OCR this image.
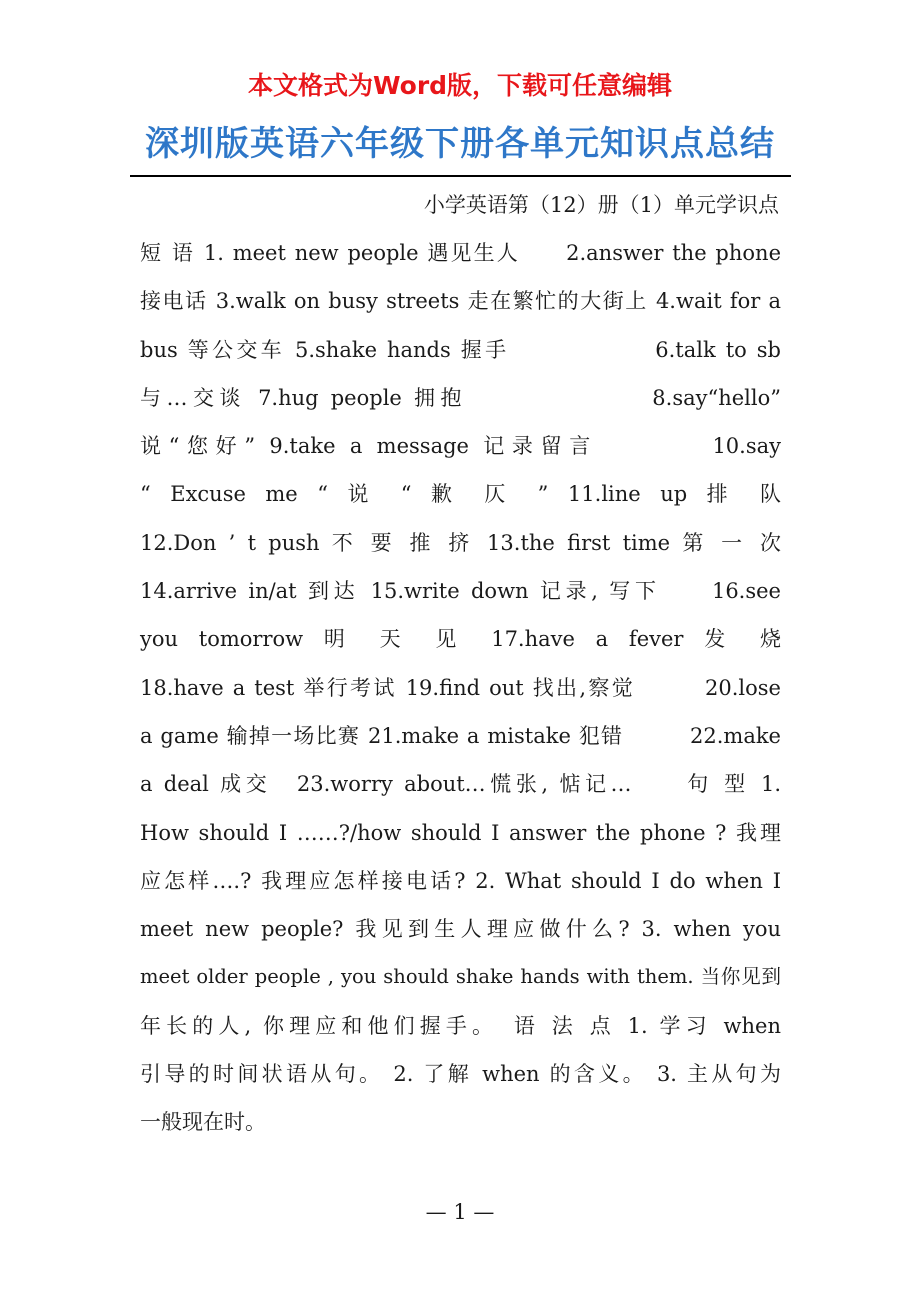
本文格式为Word版，下载可任意编辑
深圳版英语六年级下册各单元知识点总结
小学英语第（12）册（1）单元学识点
短 语 1. meet new people 遇见生人　　2.answer the phone
接电话 3.walk on busy streets 走在繁忙的大街上 4.wait for a
bus 等公交车 5.shake hands 握手　　　　　　6.talk to sb
与…交谈 7.hug people 拥抱　　　　　　　8.say“hello”
说“您好” 9.take a message 记录留言　　　　10.say
“ Excuse me “ 说 “ 歉 仄 ” 11.line up 排 队
12.Don ’ t push 不 要 推 挤 13.the first time 第 一 次
14.arrive in/at 到达 15.write down 记录, 写下　　16.see
you tomorrow 明 天 见 17.have a fever 发 烧
18.have a test 举行考试 19.find out 找出,察觉　　　20.lose
a game 输掉一场比赛 21.make a mistake 犯错　　　22.make
a deal 成交　23.worry about…慌张, 惦记…　　句 型 1.
How should I ……?/how should I answer the phone ? 我理
应怎样….? 我理应怎样接电话? 2. What should I do when I
meet new people? 我见到生人理应做什么? 3. when you
meet older people , you should shake hands with them. 当你见到
年长的人, 你理应和他们握手。　语 法 点 1. 学习 when
引导的时间状语从句。 2. 了解 when 的含义。 3. 主从句为
一般现在时。
— 1 —
